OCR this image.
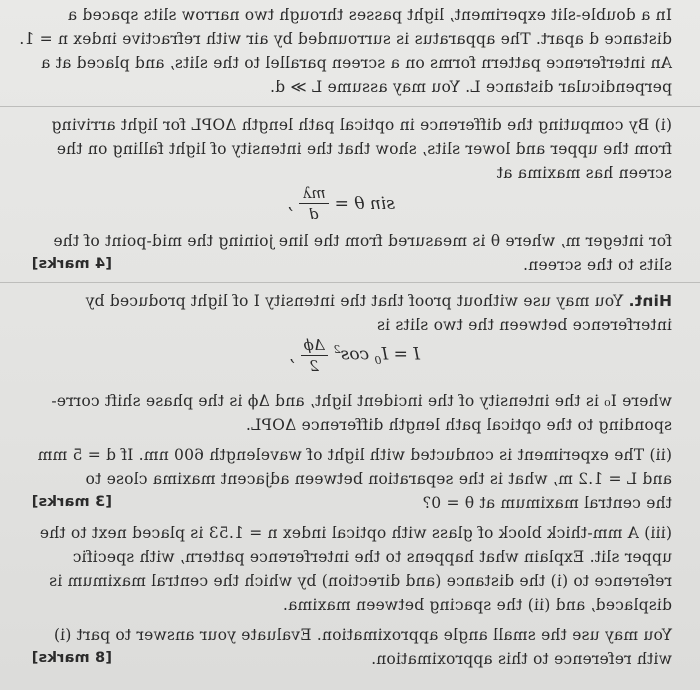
In a double-slit experiment, light passes through two narrow slits spaced a
distance d apart. The apparatus is surrounded by air with refractive index n = 1.
An interference pattern forms on a screen parallel to the slits, and placed at a
perpendicular distance L. You may assume L ≫ d.
(i) By computing the difference in optical path length ΔOPL for light arriving
from the upper and lower slits, show that the intensity of light falling on the
screen has maxima at
sin θ =
$\frac{m\lambda}{d}$
,
for integer m, where θ is measured from the line joining the mid-point of the
slits to the screen.
[4 marks]
Hint. You may use without proof that the intensity I of light produced by
interference between the two slits is
$I = I_0$ $\cos^2$
$\frac{\Delta\phi}{2}$
,
where I₀ is the intensity of the incident light, and Δϕ is the phase shift corre-
sponding to the optical path length difference ΔOPL.
(ii) The experiment is conducted with light of wavelength 600 nm. If d = 5 mm
and L = 1.2 m, what is the separation between adjacent maxima close to
the central maximum at θ = 0?
[3 marks]
(iii) A mm-thick block of glass with optical index n = 1.53 is placed next to the
upper slit. Explain what happens to the interference pattern, with specific
reference to (i) the distance (and direction) by which the central maximum is
displaced, and (ii) the spacing between maxima.
You may use the small angle approximation. Evaluate your answer to part (i)
with reference to this approximation.
[8 marks]
